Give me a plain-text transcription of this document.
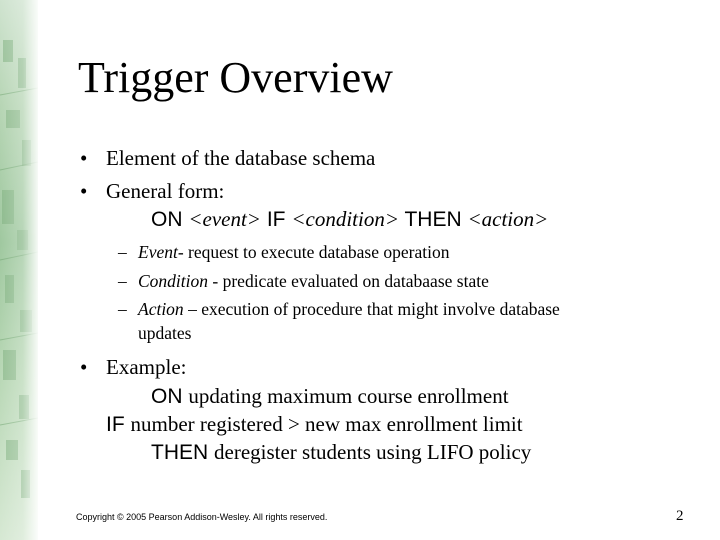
Trigger Overview
• Element of the database schema
• General form:
ON <event> IF <condition> THEN <action>
– Event- request to execute database operation
– Condition - predicate evaluated on databaase state
– Action – execution of procedure that might involve database
updates
• Example:
ON updating maximum course enrollment
IF number registered > new max enrollment limit
THEN deregister students using LIFO policy
Copyright © 2005 Pearson Addison-Wesley. All rights reserved.	2
